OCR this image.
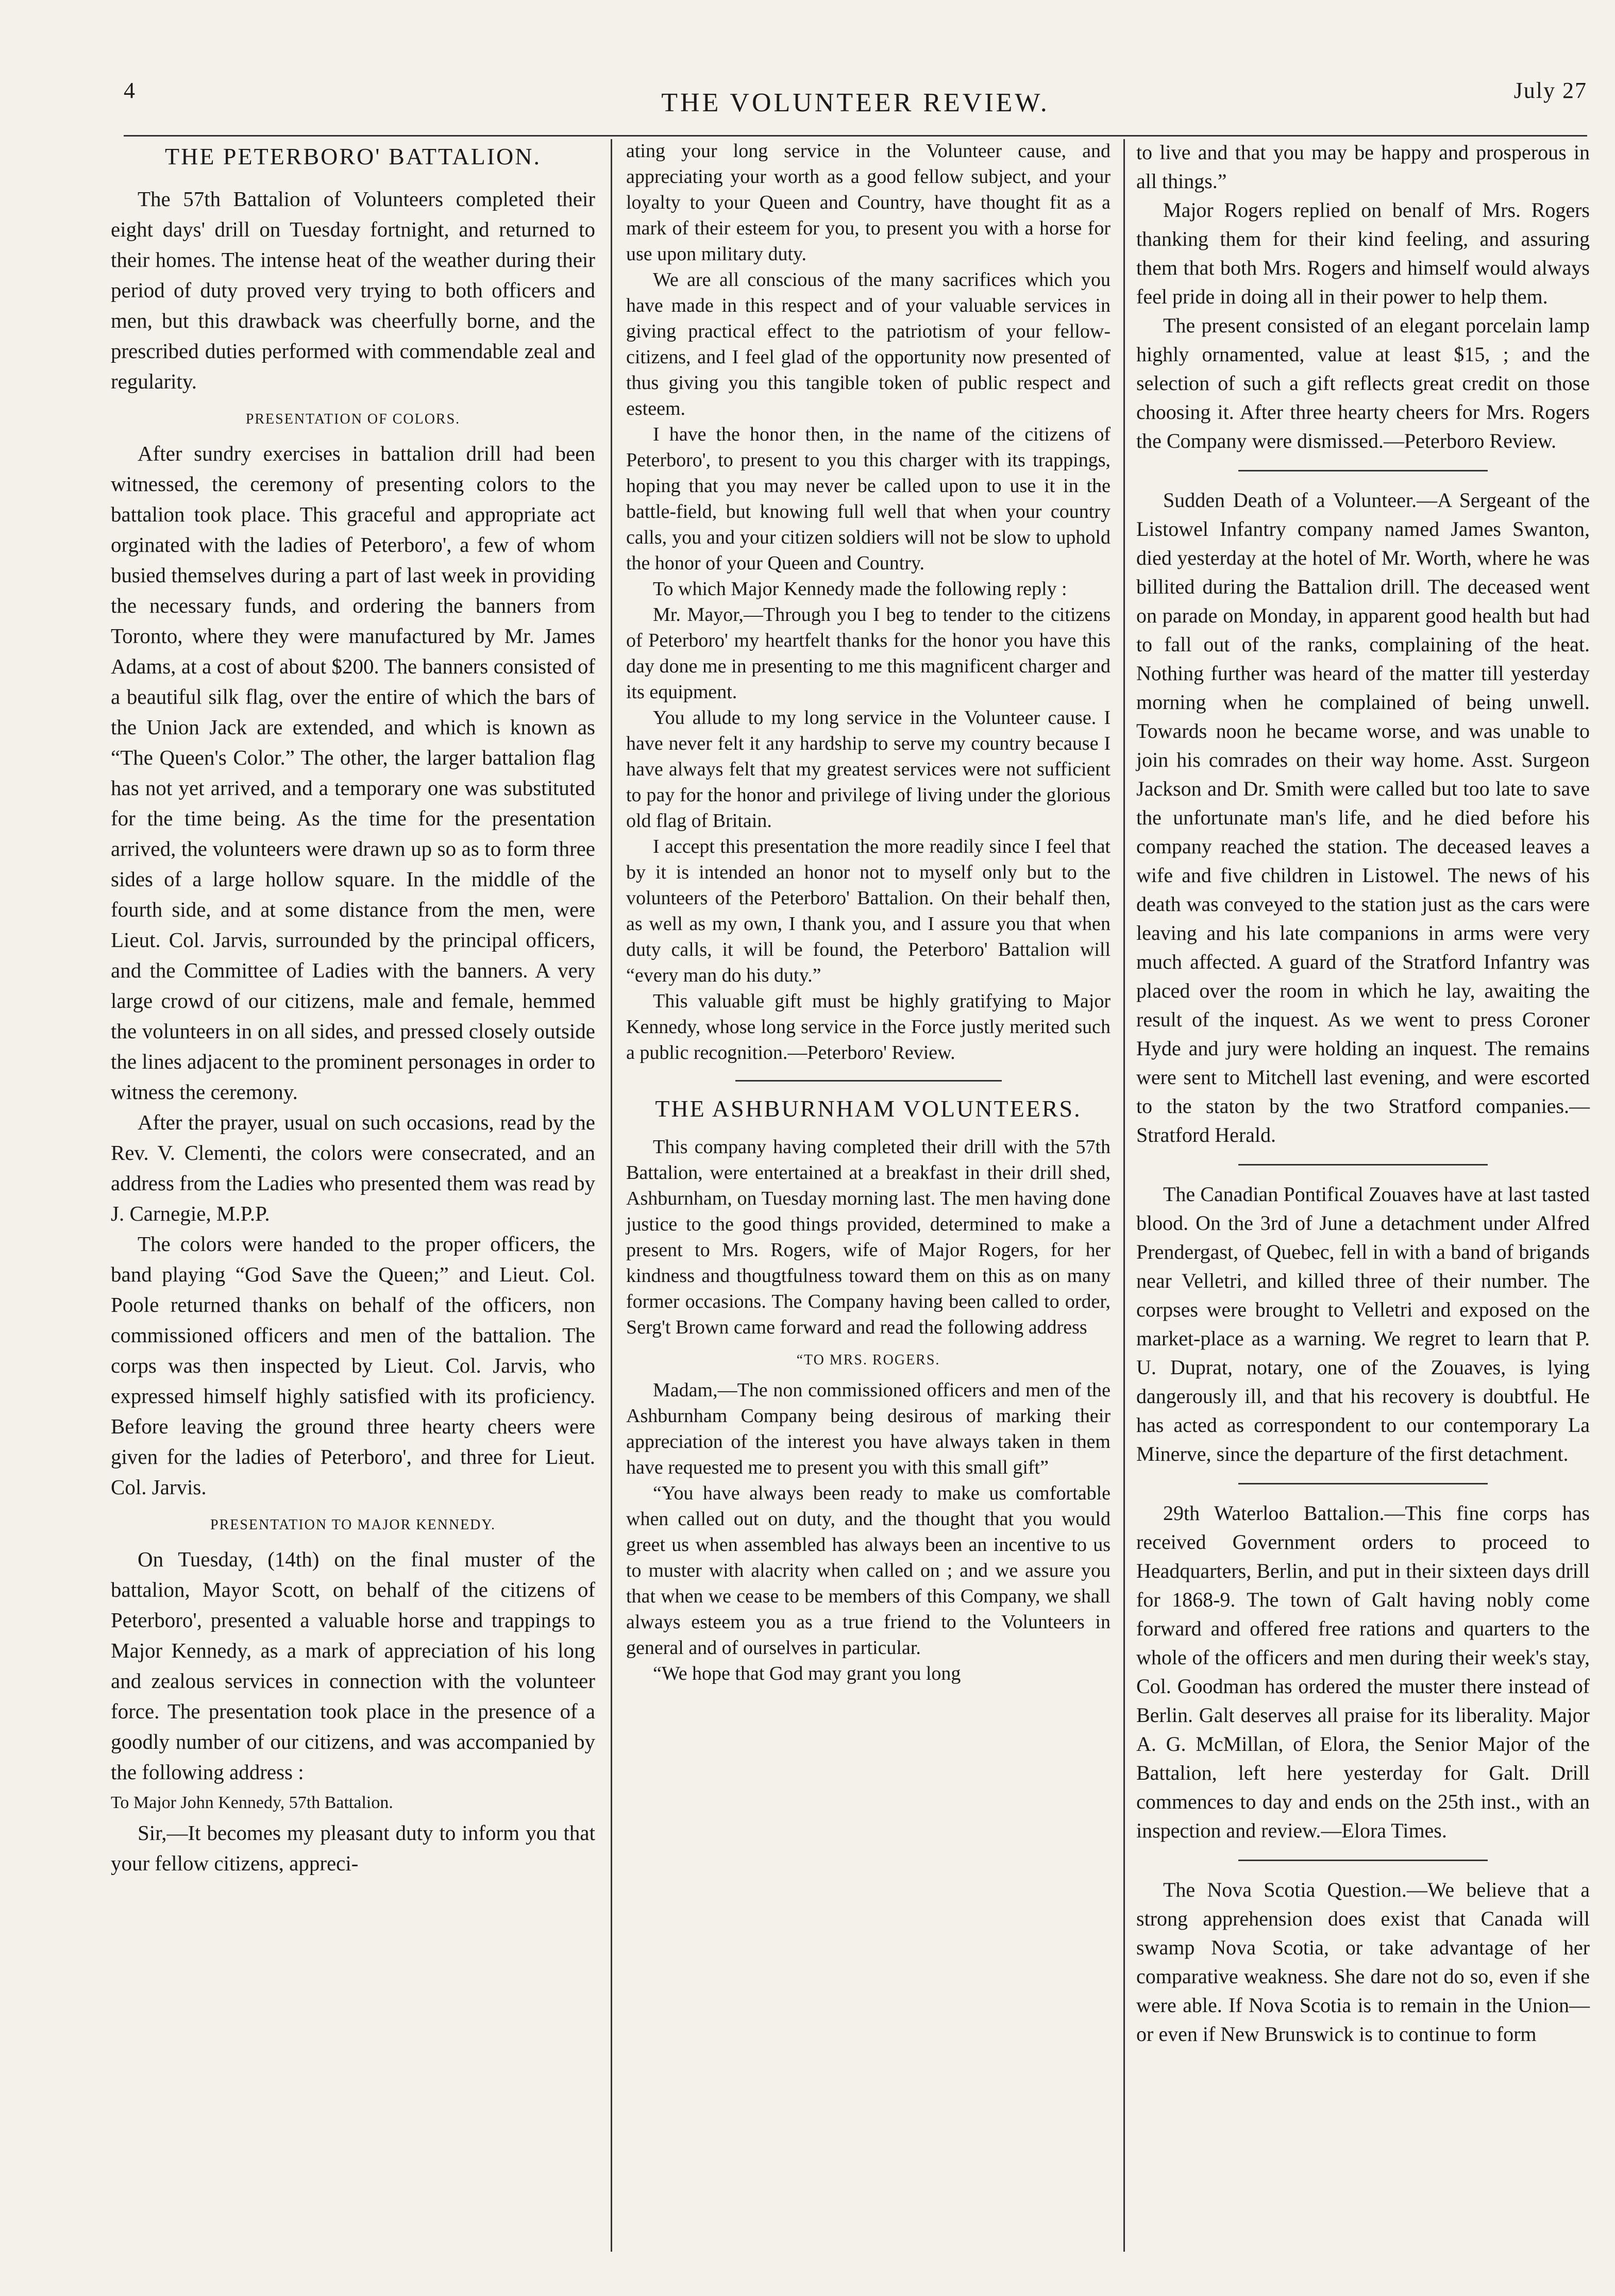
4	THE VOLUNTEER REVIEW.	July 27
THE PETERBORO' BATTALION.

The 57th Battalion of Volunteers completed their eight days' drill on Tuesday fortnight, and returned to their homes. The intense heat of the weather during their period of duty proved very trying to both officers and men, but this drawback was cheerfully borne, and the prescribed duties performed with commendable zeal and regularity.

PRESENTATION OF COLORS.

After sundry exercises in battalion drill had been witnessed, the ceremony of presenting colors to the battalion took place. This graceful and appropriate act orginated with the ladies of Peterboro', a few of whom busied themselves during a part of last week in providing the necessary funds, and ordering the banners from Toronto, where they were manufactured by Mr. James Adams, at a cost of about $200. The banners consisted of a beautiful silk flag, over the entire of which the bars of the Union Jack are extended, and which is known as “The Queen's Color.” The other, the larger battalion flag has not yet arrived, and a temporary one was substituted for the time being. As the time for the presentation arrived, the volunteers were drawn up so as to form three sides of a large hollow square. In the middle of the fourth side, and at some distance from the men, were Lieut. Col. Jarvis, surrounded by the principal officers, and the Committee of Ladies with the banners. A very large crowd of our citizens, male and female, hemmed the volunteers in on all sides, and pressed closely outside the lines adjacent to the prominent personages in order to witness the ceremony.

After the prayer, usual on such occasions, read by the Rev. V. Clementi, the colors were consecrated, and an address from the Ladies who presented them was read by J. Carnegie, M.P.P.

The colors were handed to the proper officers, the band playing “God Save the Queen;” and Lieut. Col. Poole returned thanks on behalf of the officers, non commissioned officers and men of the battalion. The corps was then inspected by Lieut. Col. Jarvis, who expressed himself highly satisfied with its proficiency. Before leaving the ground three hearty cheers were given for the ladies of Peterboro', and three for Lieut. Col. Jarvis.

PRESENTATION TO MAJOR KENNEDY.

On Tuesday, (14th) on the final muster of the battalion, Mayor Scott, on behalf of the citizens of Peterboro', presented a valuable horse and trappings to Major Kennedy, as a mark of appreciation of his long and zealous services in connection with the volunteer force. The presentation took place in the presence of a goodly number of our citizens, and was accompanied by the following address :

To Major John Kennedy, 57th Battalion.

Sir,—It becomes my pleasant duty to inform you that your fellow citizens, appreci-

ating your long service in the Volunteer cause, and appreciating your worth as a good fellow subject, and your loyalty to your Queen and Country, have thought fit as a mark of their esteem for you, to present you with a horse for use upon military duty.

We are all conscious of the many sacrifices which you have made in this respect and of your valuable services in giving practical effect to the patriotism of your fellow-citizens, and I feel glad of the opportunity now presented of thus giving you this tangible token of public respect and esteem.

I have the honor then, in the name of the citizens of Peterboro', to present to you this charger with its trappings, hoping that you may never be called upon to use it in the battle-field, but knowing full well that when your country calls, you and your citizen soldiers will not be slow to uphold the honor of your Queen and Country.

To which Major Kennedy made the following reply :

Mr. Mayor,—Through you I beg to tender to the citizens of Peterboro' my heartfelt thanks for the honor you have this day done me in presenting to me this magnificent charger and its equipment.

You allude to my long service in the Volunteer cause. I have never felt it any hardship to serve my country because I have always felt that my greatest services were not sufficient to pay for the honor and privilege of living under the glorious old flag of Britain.

I accept this presentation the more readily since I feel that by it is intended an honor not to myself only but to the volunteers of the Peterboro' Battalion. On their behalf then, as well as my own, I thank you, and I assure you that when duty calls, it will be found, the Peterboro' Battalion will “every man do his duty.”

This valuable gift must be highly gratifying to Major Kennedy, whose long service in the Force justly merited such a public recognition.—Peterboro' Review.

THE ASHBURNHAM VOLUNTEERS.

This company having completed their drill with the 57th Battalion, were entertained at a breakfast in their drill shed, Ashburnham, on Tuesday morning last. The men having done justice to the good things provided, determined to make a present to Mrs. Rogers, wife of Major Rogers, for her kindness and thougtfulness toward them on this as on many former occasions. The Company having been called to order, Serg't Brown came forward and read the following address

“TO MRS. ROGERS.

Madam,—The non commissioned officers and men of the Ashburnham Company being desirous of marking their appreciation of the interest you have always taken in them have requested me to present you with this small gift”

“You have always been ready to make us comfortable when called out on duty, and the thought that you would greet us when assembled has always been an incentive to us to muster with alacrity when called on ; and we assure you that when we cease to be members of this Company, we shall always esteem you as a true friend to the Volunteers in general and of ourselves in particular.

“We hope that God may grant you long

to live and that you may be happy and prosperous in all things.”

Major Rogers replied on benalf of Mrs. Rogers thanking them for their kind feeling, and assuring them that both Mrs. Rogers and himself would always feel pride in doing all in their power to help them.

The present consisted of an elegant porcelain lamp highly ornamented, value at least $15, ; and the selection of such a gift reflects great credit on those choosing it. After three hearty cheers for Mrs. Rogers the Company were dismissed.—Peterboro Review.

Sudden Death of a Volunteer.—A Sergeant of the Listowel Infantry company named James Swanton, died yesterday at the hotel of Mr. Worth, where he was billited during the Battalion drill. The deceased went on parade on Monday, in apparent good health but had to fall out of the ranks, complaining of the heat. Nothing further was heard of the matter till yesterday morning when he complained of being unwell. Towards noon he became worse, and was unable to join his comrades on their way home. Asst. Surgeon Jackson and Dr. Smith were called but too late to save the unfortunate man's life, and he died before his company reached the station. The deceased leaves a wife and five children in Listowel. The news of his death was conveyed to the station just as the cars were leaving and his late companions in arms were very much affected. A guard of the Stratford Infantry was placed over the room in which he lay, awaiting the result of the inquest. As we went to press Coroner Hyde and jury were holding an inquest. The remains were sent to Mitchell last evening, and were escorted to the staton by the two Stratford companies.—Stratford Herald.

The Canadian Pontifical Zouaves have at last tasted blood. On the 3rd of June a detachment under Alfred Prendergast, of Quebec, fell in with a band of brigands near Velletri, and killed three of their number. The corpses were brought to Velletri and exposed on the market-place as a warning. We regret to learn that P. U. Duprat, notary, one of the Zouaves, is lying dangerously ill, and that his recovery is doubtful. He has acted as correspondent to our contemporary La Minerve, since the departure of the first detachment.

29th Waterloo Battalion.—This fine corps has received Government orders to proceed to Headquarters, Berlin, and put in their sixteen days drill for 1868-9. The town of Galt having nobly come forward and offered free rations and quarters to the whole of the officers and men during their week's stay, Col. Goodman has ordered the muster there instead of Berlin. Galt deserves all praise for its liberality. Major A. G. McMillan, of Elora, the Senior Major of the Battalion, left here yesterday for Galt. Drill commences to day and ends on the 25th inst., with an inspection and review.—Elora Times.

The Nova Scotia Question.—We believe that a strong apprehension does exist that Canada will swamp Nova Scotia, or take advantage of her comparative weakness. She dare not do so, even if she were able. If Nova Scotia is to remain in the Union—or even if New Brunswick is to continue to form
